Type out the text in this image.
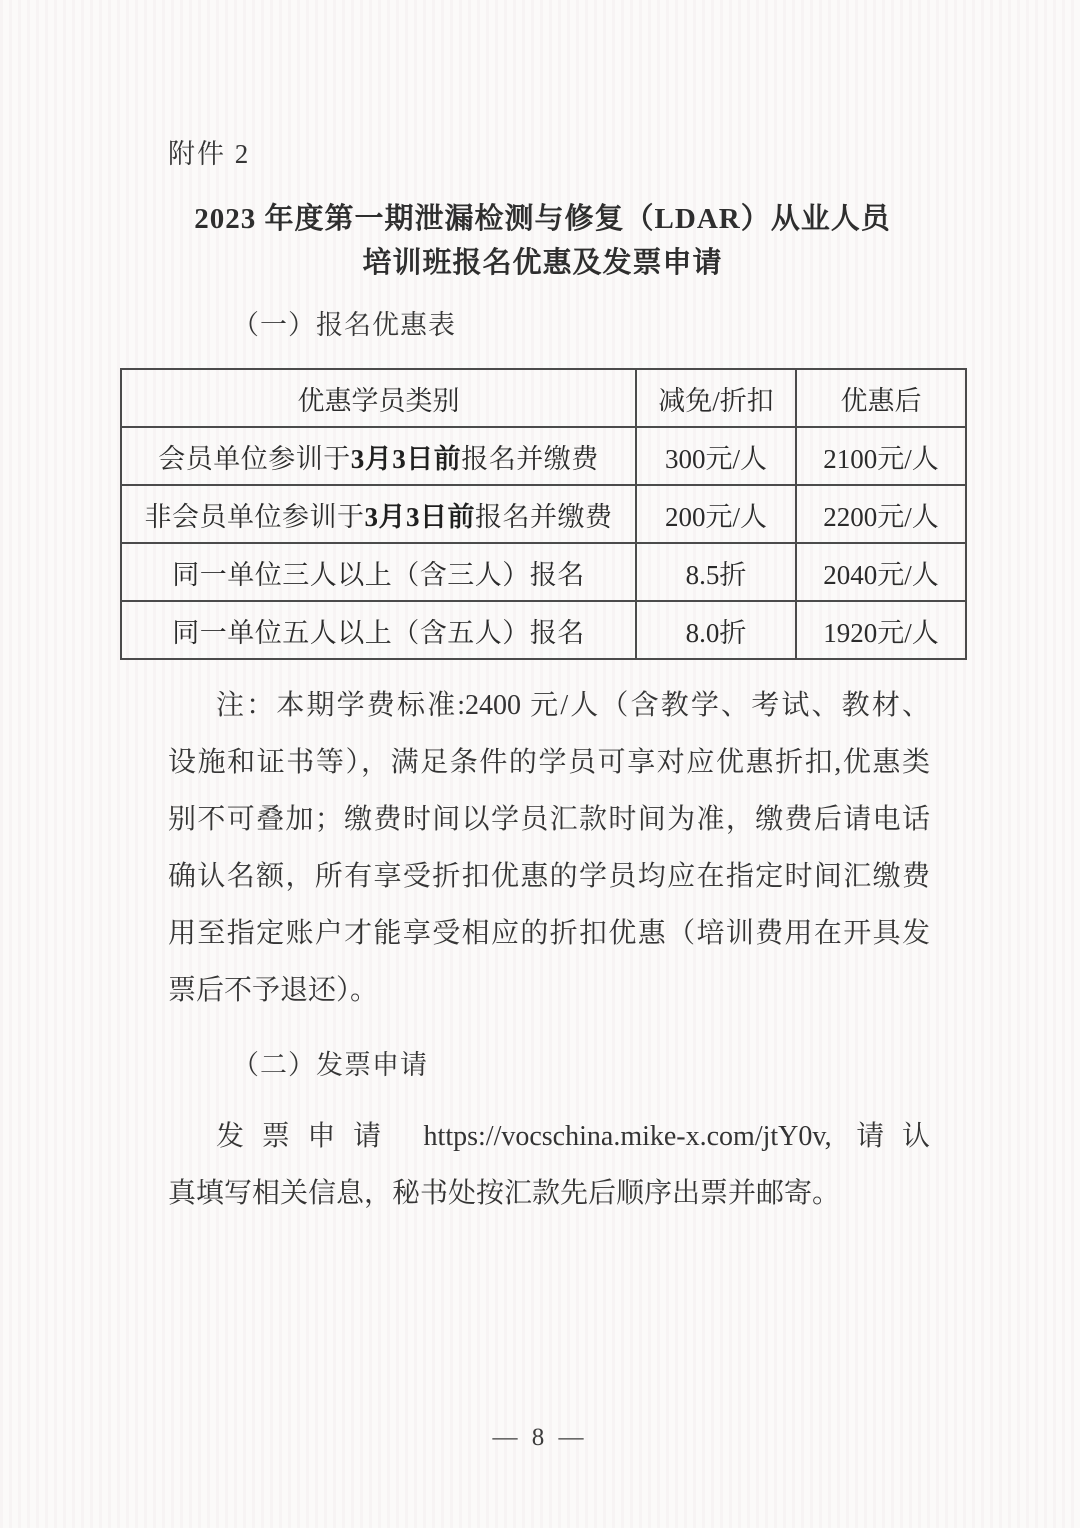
附件 2
2023 年度第一期泄漏检测与修复（LDAR）从业人员
培训班报名优惠及发票申请
（一）报名优惠表
优惠学员类别	减免/折扣	优惠后
会员单位参训于3月3日前报名并缴费	300元/人	2100元/人
非会员单位参训于3月3日前报名并缴费	200元/人	2200元/人
同一单位三人以上（含三人）报名	8.5折	2040元/人
同一单位五人以上（含五人）报名	8.0折	1920元/人
注：本期学费标准:2400 元/人（含教学、考试、教材、
设施和证书等），满足条件的学员可享对应优惠折扣,优惠类
别不可叠加；缴费时间以学员汇款时间为准，缴费后请电话
确认名额，所有享受折扣优惠的学员均应在指定时间汇缴费
用至指定账户才能享受相应的折扣优惠（培训费用在开具发
票后不予退还）。
（二）发票申请
发票申请 https://vocschina.mike-x.com/jtY0v, 请认
真填写相关信息，秘书处按汇款先后顺序出票并邮寄。
— 8 —
